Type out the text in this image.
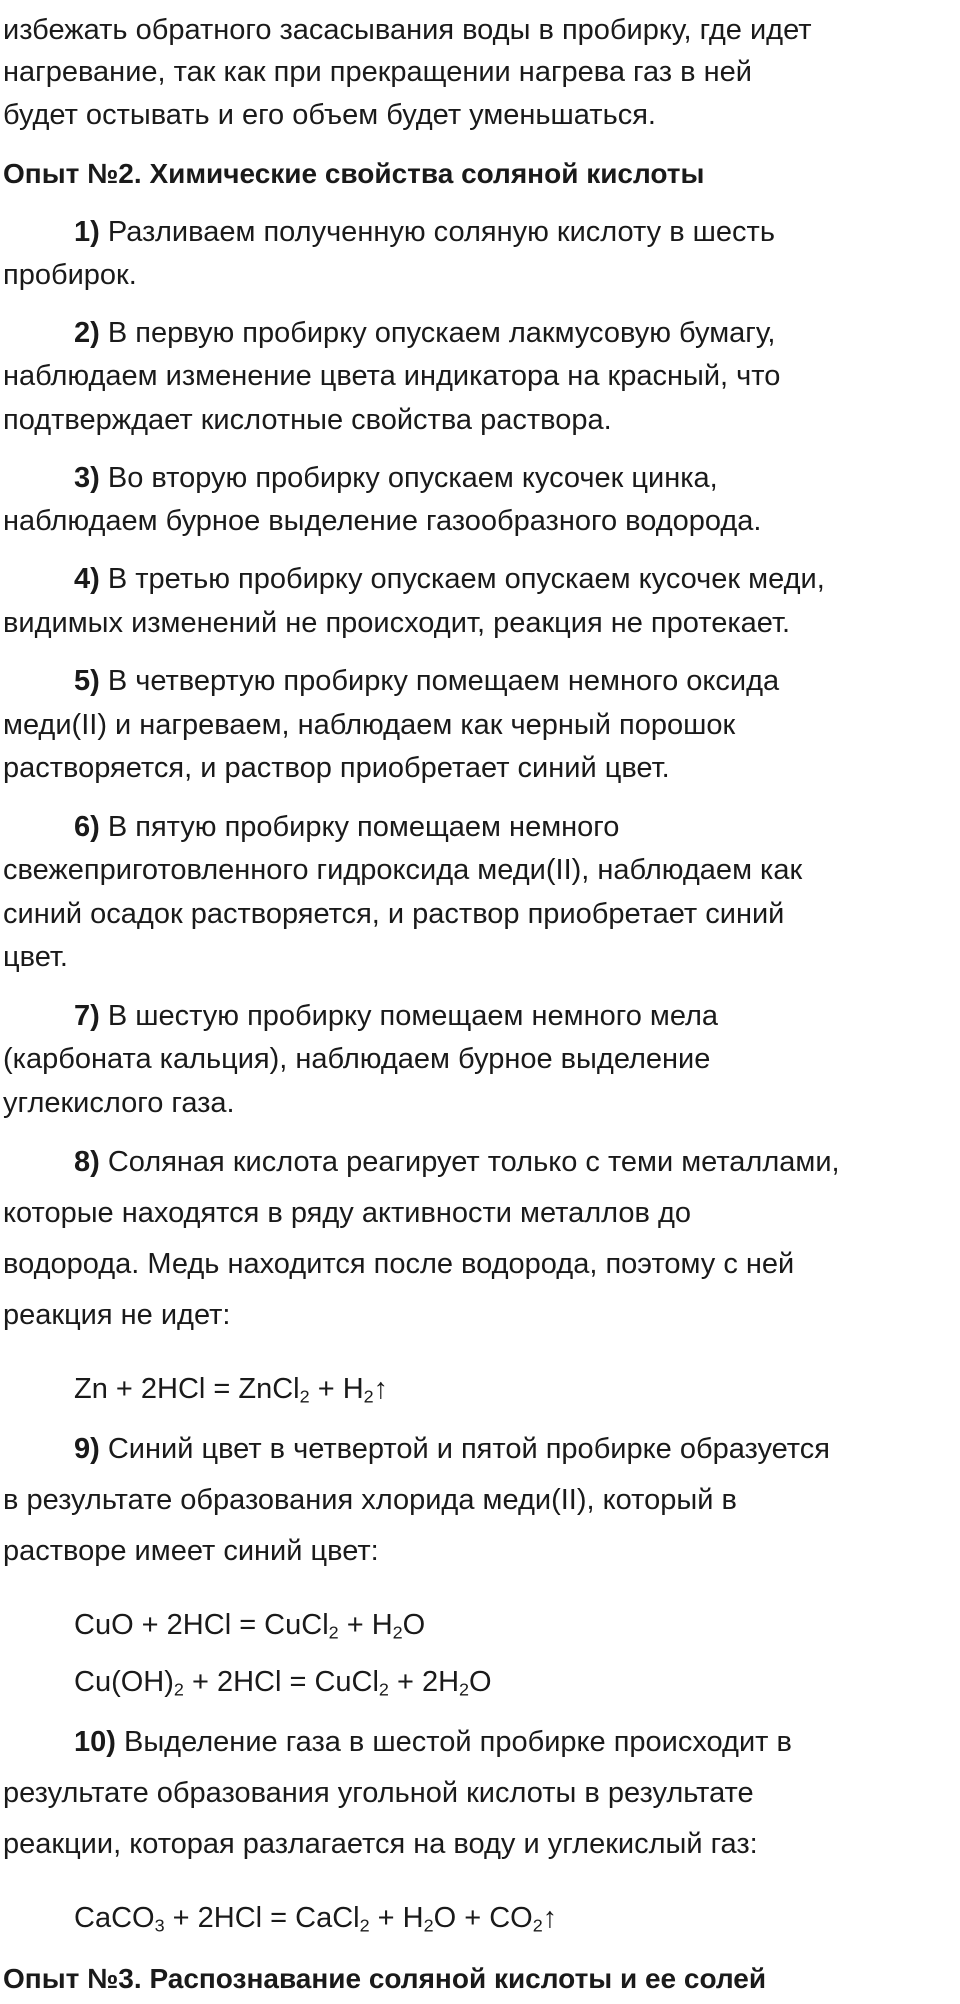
избежать обратного засасывания воды в пробирку, где идет
нагревание, так как при прекращении нагрева газ в ней
будет остывать и его объем будет уменьшаться.
Опыт №2. Химические свойства соляной кислоты
1) Разливаем полученную соляную кислоту в шесть
пробирок.
2) В первую пробирку опускаем лакмусовую бумагу,
наблюдаем изменение цвета индикатора на красный, что
подтверждает кислотные свойства раствора.
3) Во вторую пробирку опускаем кусочек цинка,
наблюдаем бурное выделение газообразного водорода.
4) В третью пробирку опускаем опускаем кусочек меди,
видимых изменений не происходит, реакция не протекает.
5) В четвертую пробирку помещаем немного оксида
меди(II) и нагреваем, наблюдаем как черный порошок
растворяется, и раствор приобретает синий цвет.
6) В пятую пробирку помещаем немного
свежеприготовленного гидроксида меди(II), наблюдаем как
синий осадок растворяется, и раствор приобретает синий
цвет.
7) В шестую пробирку помещаем немного мела
(карбоната кальция), наблюдаем бурное выделение
углекислого газа.
8) Соляная кислота реагирует только с теми металлами,
которые находятся в ряду активности металлов до
водорода. Медь находится после водорода, поэтому с ней
реакция не идет:
Zn + 2HCl = ZnCl$_2$ + $H_2↑$
9) Синий цвет в четвертой и пятой пробирке образуется
в результате образования хлорида меди(II), который в
растворе имеет синий цвет:
CuO + 2HCl = CuCl$_2$ + $H_2O$
$Cu(OH)_2 + 2HCl$ = CuCl$_2$ + $2H_2O$
10) Выделение газа в шестой пробирке происходит в
результате образования угольной кислоты в результате
реакции, которая разлагается на воду и углекислый газ:
CaCO$_3$ + 2HCl = CaCl$_2$ + $H_2O$ + $CO_2↑$
Опыт №3. Распознавание соляной кислоты и ее солей
